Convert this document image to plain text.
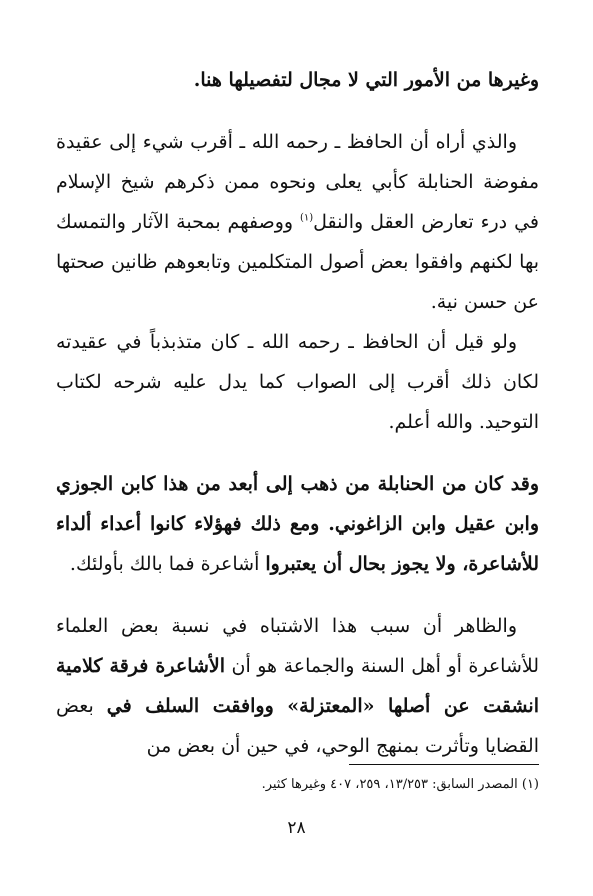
وغيرها من الأمور التي لا مجال لتفصيلها هنا.

والذي أراه أن الحافظ ـ رحمه الله ـ أقرب شيء إلى عقيدة مفوضة الحنابلة كأبي يعلى ونحوه ممن ذكرهم شيخ الإسلام في درء تعارض العقل والنقل$^{(١)}$ ووصفهم بمحبة الآثار والتمسك بها لكنهم وافقوا بعض أصول المتكلمين وتابعوهم ظانين صحتها عن حسن نية.

ولو قيل أن الحافظ ـ رحمه الله ـ كان متذبذباً في عقيدته لكان ذلك أقرب إلى الصواب كما يدل عليه شرحه لكتاب التوحيد. والله أعلم.

وقد كان من الحنابلة من ذهب إلى أبعد من هذا كابن الجوزي وابن عقيل وابن الزاغوني. ومع ذلك فهؤلاء كانوا أعداء ألداء للأشاعرة، ولا يجوز بحال أن يعتبروا أشاعرة فما بالك بأولئك.

والظاهر أن سبب هذا الاشتباه في نسبة بعض العلماء للأشاعرة أو أهل السنة والجماعة هو أن الأشاعرة فرقة كلامية انشقت عن أصلها «المعتزلة» ووافقت السلف في بعض القضايا وتأثرت بمنهج الوحي، في حين أن بعض من

(١) المصدر السابق: ١٣/٢٥٣، ٢٥٩، ٤٠٧ وغيرها كثير.
٢٨
